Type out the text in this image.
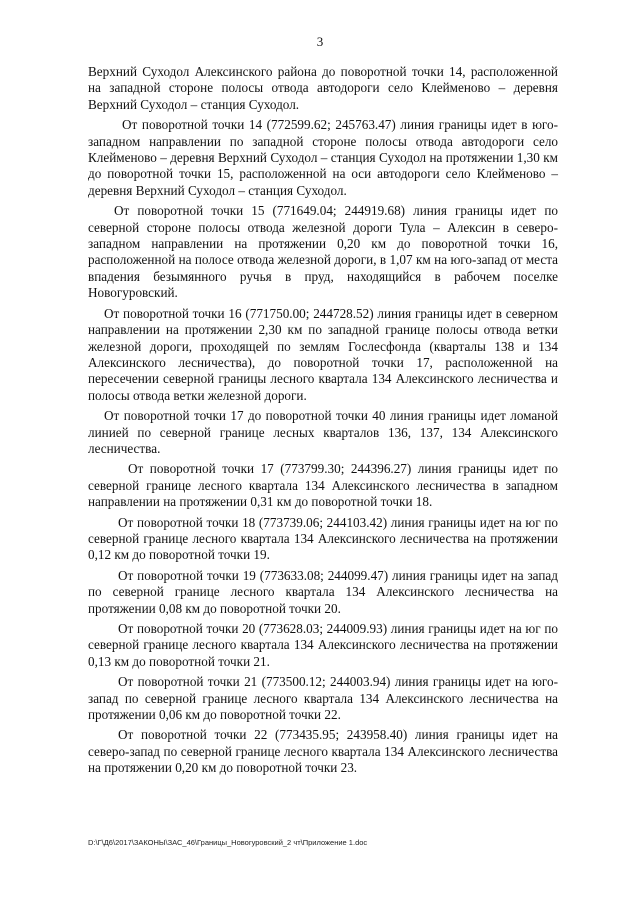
3

Верхний Суходол Алексинского района до поворотной точки 14, расположенной на западной стороне полосы отвода автодороги село Клейменово – деревня Верхний Суходол – станция Суходол.

От поворотной точки 14 (772599.62; 245763.47) линия границы идет в юго-западном направлении по западной стороне полосы отвода автодороги село Клейменово – деревня Верхний Суходол – станция Суходол на протяжении 1,30 км до поворотной точки 15, расположенной на оси автодороги село Клейменово – деревня Верхний Суходол – станция Суходол.

От поворотной точки 15 (771649.04; 244919.68) линия границы идет по северной стороне полосы отвода железной дороги Тула – Алексин в северо-западном направлении на протяжении 0,20 км до поворотной точки 16, расположенной на полосе отвода железной дороги, в 1,07 км на юго-запад от места впадения безымянного ручья в пруд, находящийся в рабочем поселке Новогуровский.

От поворотной точки 16 (771750.00; 244728.52) линия границы идет в северном направлении на протяжении 2,30 км по западной границе полосы отвода ветки железной дороги, проходящей по землям Гослесфонда (кварталы 138 и 134 Алексинского лесничества), до поворотной точки 17, расположенной на пересечении северной границы лесного квартала 134 Алексинского лесничества и полосы отвода ветки железной дороги.

От поворотной точки 17 до поворотной точки 40 линия границы идет ломаной линией по северной границе лесных кварталов 136, 137, 134 Алексинского лесничества.

От поворотной точки 17 (773799.30; 244396.27) линия границы идет по северной границе лесного квартала 134 Алексинского лесничества в западном направлении на протяжении 0,31 км до поворотной точки 18.

От поворотной точки 18 (773739.06; 244103.42) линия границы идет на юг по северной границе лесного квартала 134 Алексинского лесничества на протяжении 0,12 км до поворотной точки 19.

От поворотной точки 19 (773633.08; 244099.47) линия границы идет на запад по северной границе лесного квартала 134 Алексинского лесничества на протяжении 0,08 км до поворотной точки 20.

От поворотной точки 20 (773628.03; 244009.93) линия границы идет на юг по северной границе лесного квартала 134 Алексинского лесничества на протяжении 0,13 км до поворотной точки 21.

От поворотной точки 21 (773500.12; 244003.94) линия границы идет на юго-запад по северной границе лесного квартала 134 Алексинского лесничества на протяжении 0,06 км до поворотной точки 22.

От поворотной точки 22 (773435.95; 243958.40) линия границы идет на северо-запад по северной границе лесного квартала 134 Алексинского лесничества на протяжении 0,20 км до поворотной точки 23.

D:\Г\Д6\2017\ЗАКОНЫ\ЗАС_46\Границы_Новогуровский_2 чт\Приложение 1.doc
